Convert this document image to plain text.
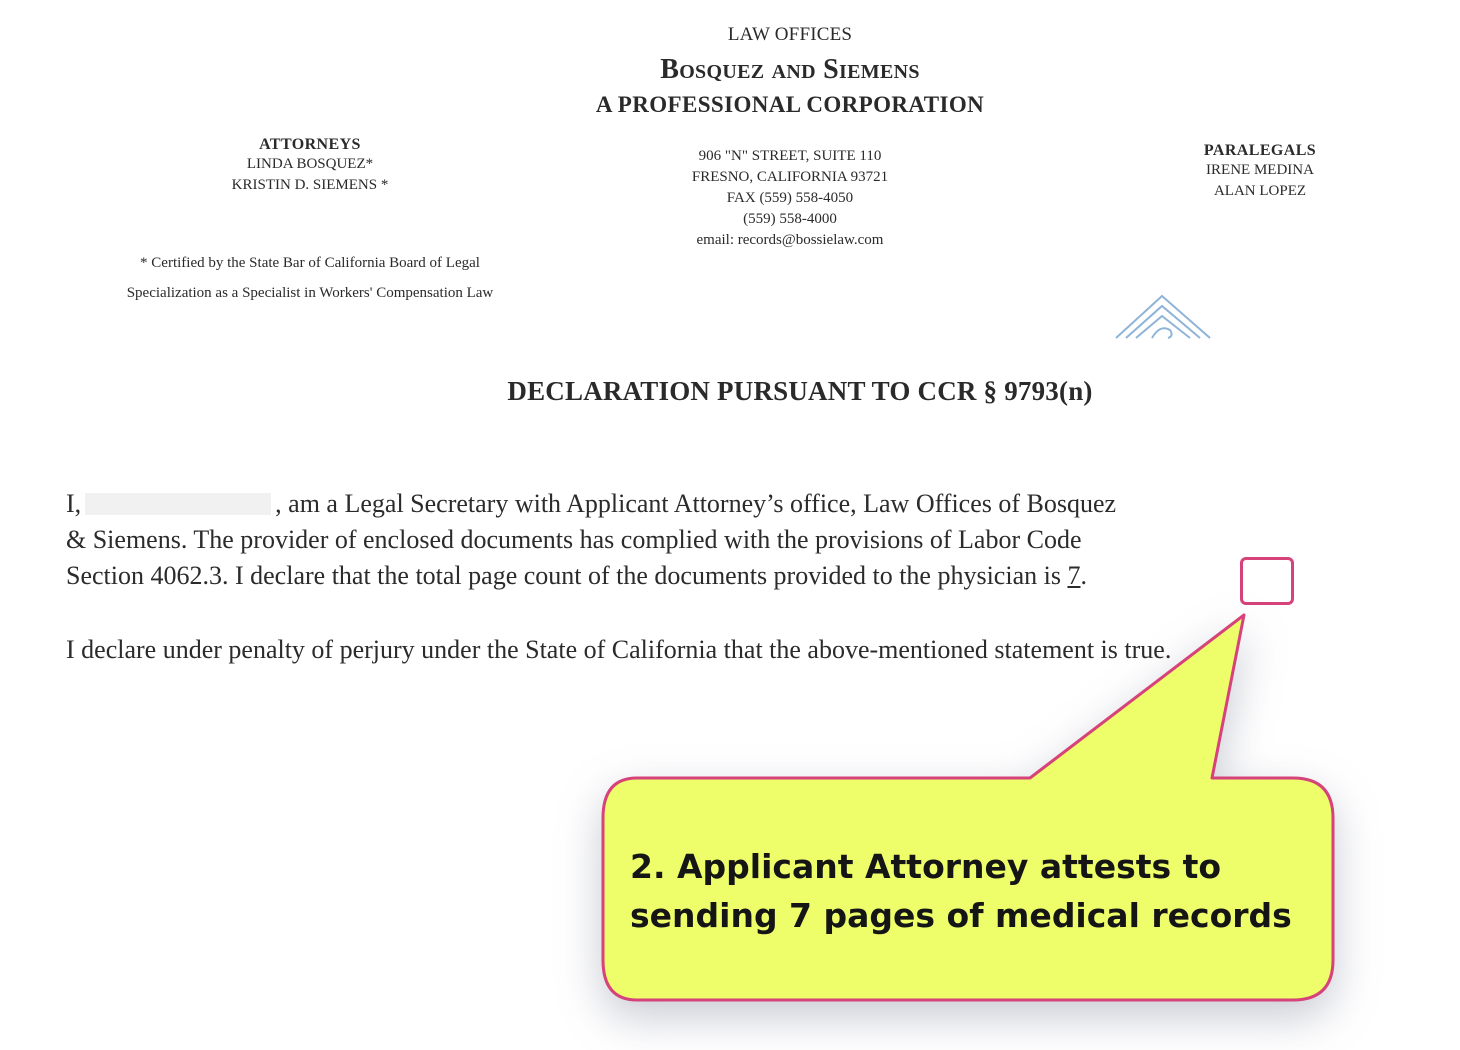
LAW OFFICES
Bosquez and Siemens
A PROFESSIONAL CORPORATION
ATTORNEYS
LINDA BOSQUEZ*
KRISTIN D. SIEMENS *
906 "N" STREET, SUITE 110
FRESNO, CALIFORNIA 93721
FAX (559) 558-4050
(559) 558-4000
email: records@bossielaw.com
PARALEGALS
IRENE MEDINA
ALAN LOPEZ
* Certified by the State Bar of California Board of Legal
Specialization as a Specialist in Workers' Compensation Law
DECLARATION PURSUANT TO CCR § 9793(n)
I,	, am a Legal Secretary with Applicant Attorney’s office, Law Offices of Bosquez
& Siemens. The provider of enclosed documents has complied with the provisions of Labor Code
Section 4062.3. I declare that the total page count of the documents provided to the physician is 7.
I declare under penalty of perjury under the State of California that the above-mentioned statement is true.
2. Applicant Attorney attests to
sending 7 pages of medical records
